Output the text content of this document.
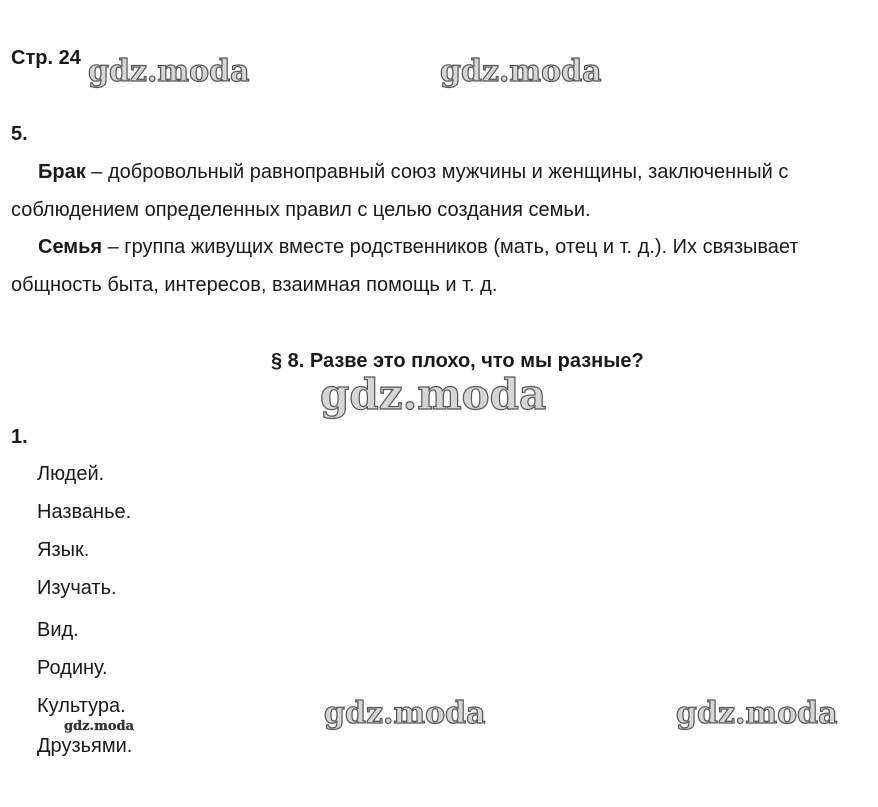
Стр. 24 gdz.moda	gdz.moda
gdz.moda
gdz.moda	gdz.moda
gdz.moda
5.
Брак – добровольный равноправный союз мужчины и женщины, заключенный с
соблюдением определенных правил с целью создания семьи.
Семья – группа живущих вместе родственников (мать, отец и т. д.). Их связывает
общность быта, интересов, взаимная помощь и т. д.
§ 8. Разве это плохо, что мы разные?
1.
Людей.
Названье.
Язык.
Изучать.
Вид.
Родину.
Культура.
Друзьями.
